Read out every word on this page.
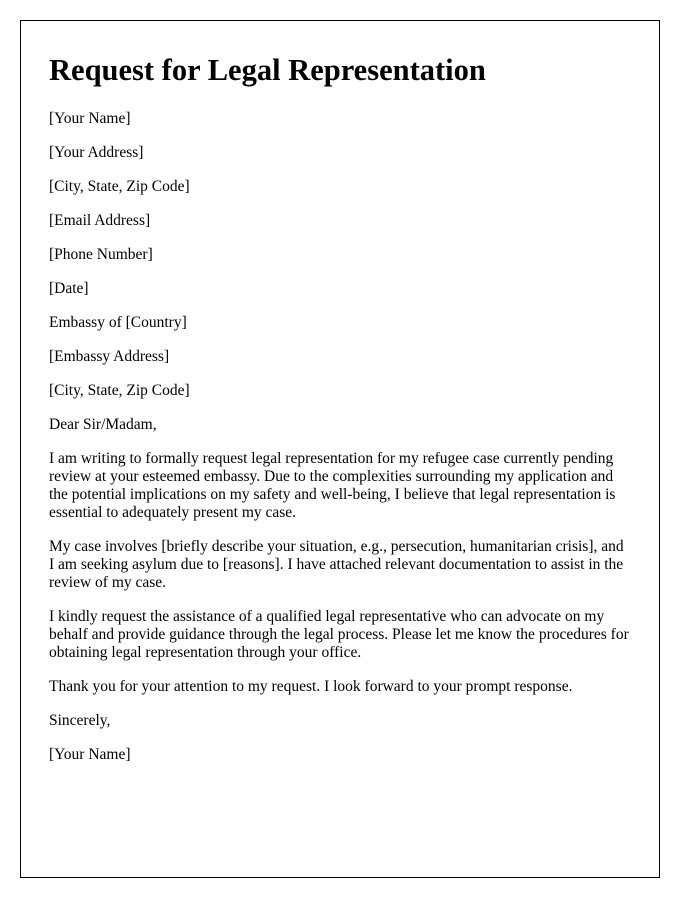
Request for Legal Representation

[Your Name]

[Your Address]

[City, State, Zip Code]

[Email Address]

[Phone Number]

[Date]

Embassy of [Country]

[Embassy Address]

[City, State, Zip Code]

Dear Sir/Madam,

I am writing to formally request legal representation for my refugee case currently pending review at your esteemed embassy. Due to the complexities surrounding my application and the potential implications on my safety and well-being, I believe that legal representation is essential to adequately present my case.

My case involves [briefly describe your situation, e.g., persecution, humanitarian crisis], and I am seeking asylum due to [reasons]. I have attached relevant documentation to assist in the review of my case.

I kindly request the assistance of a qualified legal representative who can advocate on my behalf and provide guidance through the legal process. Please let me know the procedures for obtaining legal representation through your office.

Thank you for your attention to my request. I look forward to your prompt response.

Sincerely,

[Your Name]
